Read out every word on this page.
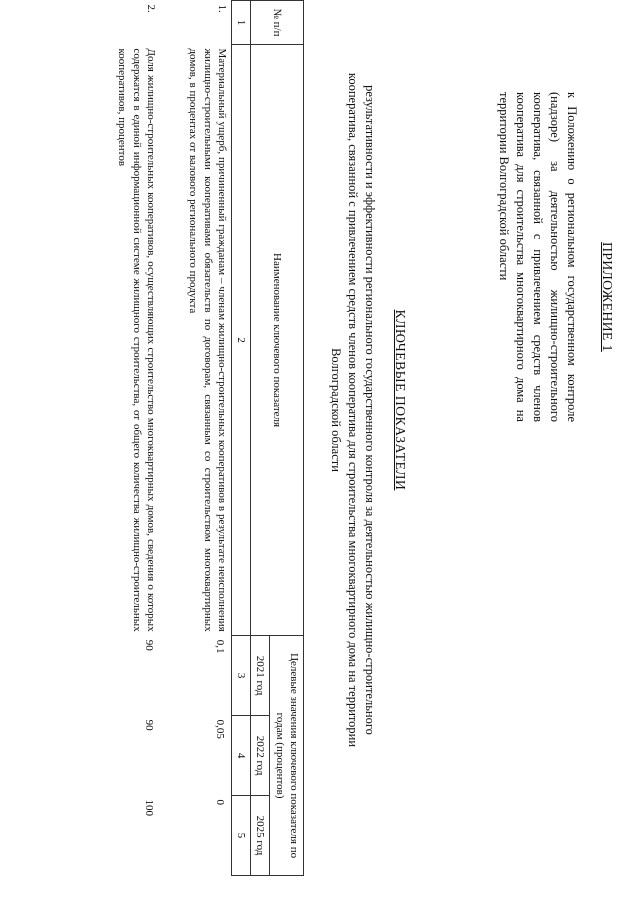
ПРИЛОЖЕНИЕ 1
к Положению о региональном государственном контроле (надзоре) за деятельностью жилищно-строительного кооператива, связанной с привлечением средств членов кооператива для строительства многоквартирного дома на территории Волгоградской области
КЛЮЧЕВЫЕ ПОКАЗАТЕЛИ
результативности и эффективности регионального государственного контроля за деятельностью жилищно-строительного кооператива, связанной с привлечением средств членов кооператива для строительства многоквартирного дома на территории Волгоградской области
№ п/п	Наименование ключевого показателя	Целевые значения ключевого показателя по годам (процентов)		
		2021 год	2022 год	2025 год
1	2	3	4	5
1.	Материальный ущерб, причиненный гражданам – членам жилищно-строительных кооперативов в результате неисполнения жилищно-строительными кооперативами обязательств по договорам, связанным со строительством многоквартирных домов, в процентах от валового регионального продукта	0,1	0,05	0
2.	Доля жилищно-строительных кооперативов, осуществляющих строительство многоквартирных домов, сведения о которых содержатся в единой информационной системе жилищного строительства, от общего количества жилищно-строительных кооперативов, процентов	90	90	100
